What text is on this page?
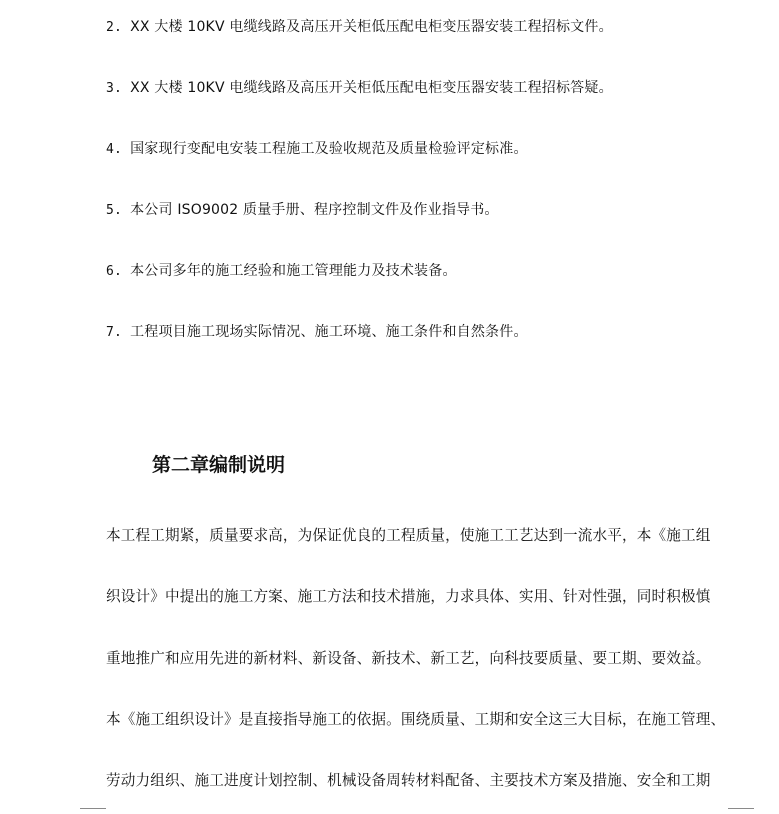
2. XX 大楼 10KV 电缆线路及高压开关柜低压配电柜变压器安装工程招标文件。
3. XX 大楼 10KV 电缆线路及高压开关柜低压配电柜变压器安装工程招标答疑。
4. 国家现行变配电安装工程施工及验收规范及质量检验评定标准。
5. 本公司 ISO9002 质量手册、程序控制文件及作业指导书。
6. 本公司多年的施工经验和施工管理能力及技术装备。
7. 工程项目施工现场实际情况、施工环境、施工条件和自然条件。
第二章编制说明
本工程工期紧，质量要求高，为保证优良的工程质量，使施工工艺达到一流水平，本《施工组
织设计》中提出的施工方案、施工方法和技术措施，力求具体、实用、针对性强，同时积极慎
重地推广和应用先进的新材料、新设备、新技术、新工艺，向科技要质量、要工期、要效益。
本《施工组织设计》是直接指导施工的依据。围绕质量、工期和安全这三大目标，在施工管理、
劳动力组织、施工进度计划控制、机械设备周转材料配备、主要技术方案及措施、安全和工期
